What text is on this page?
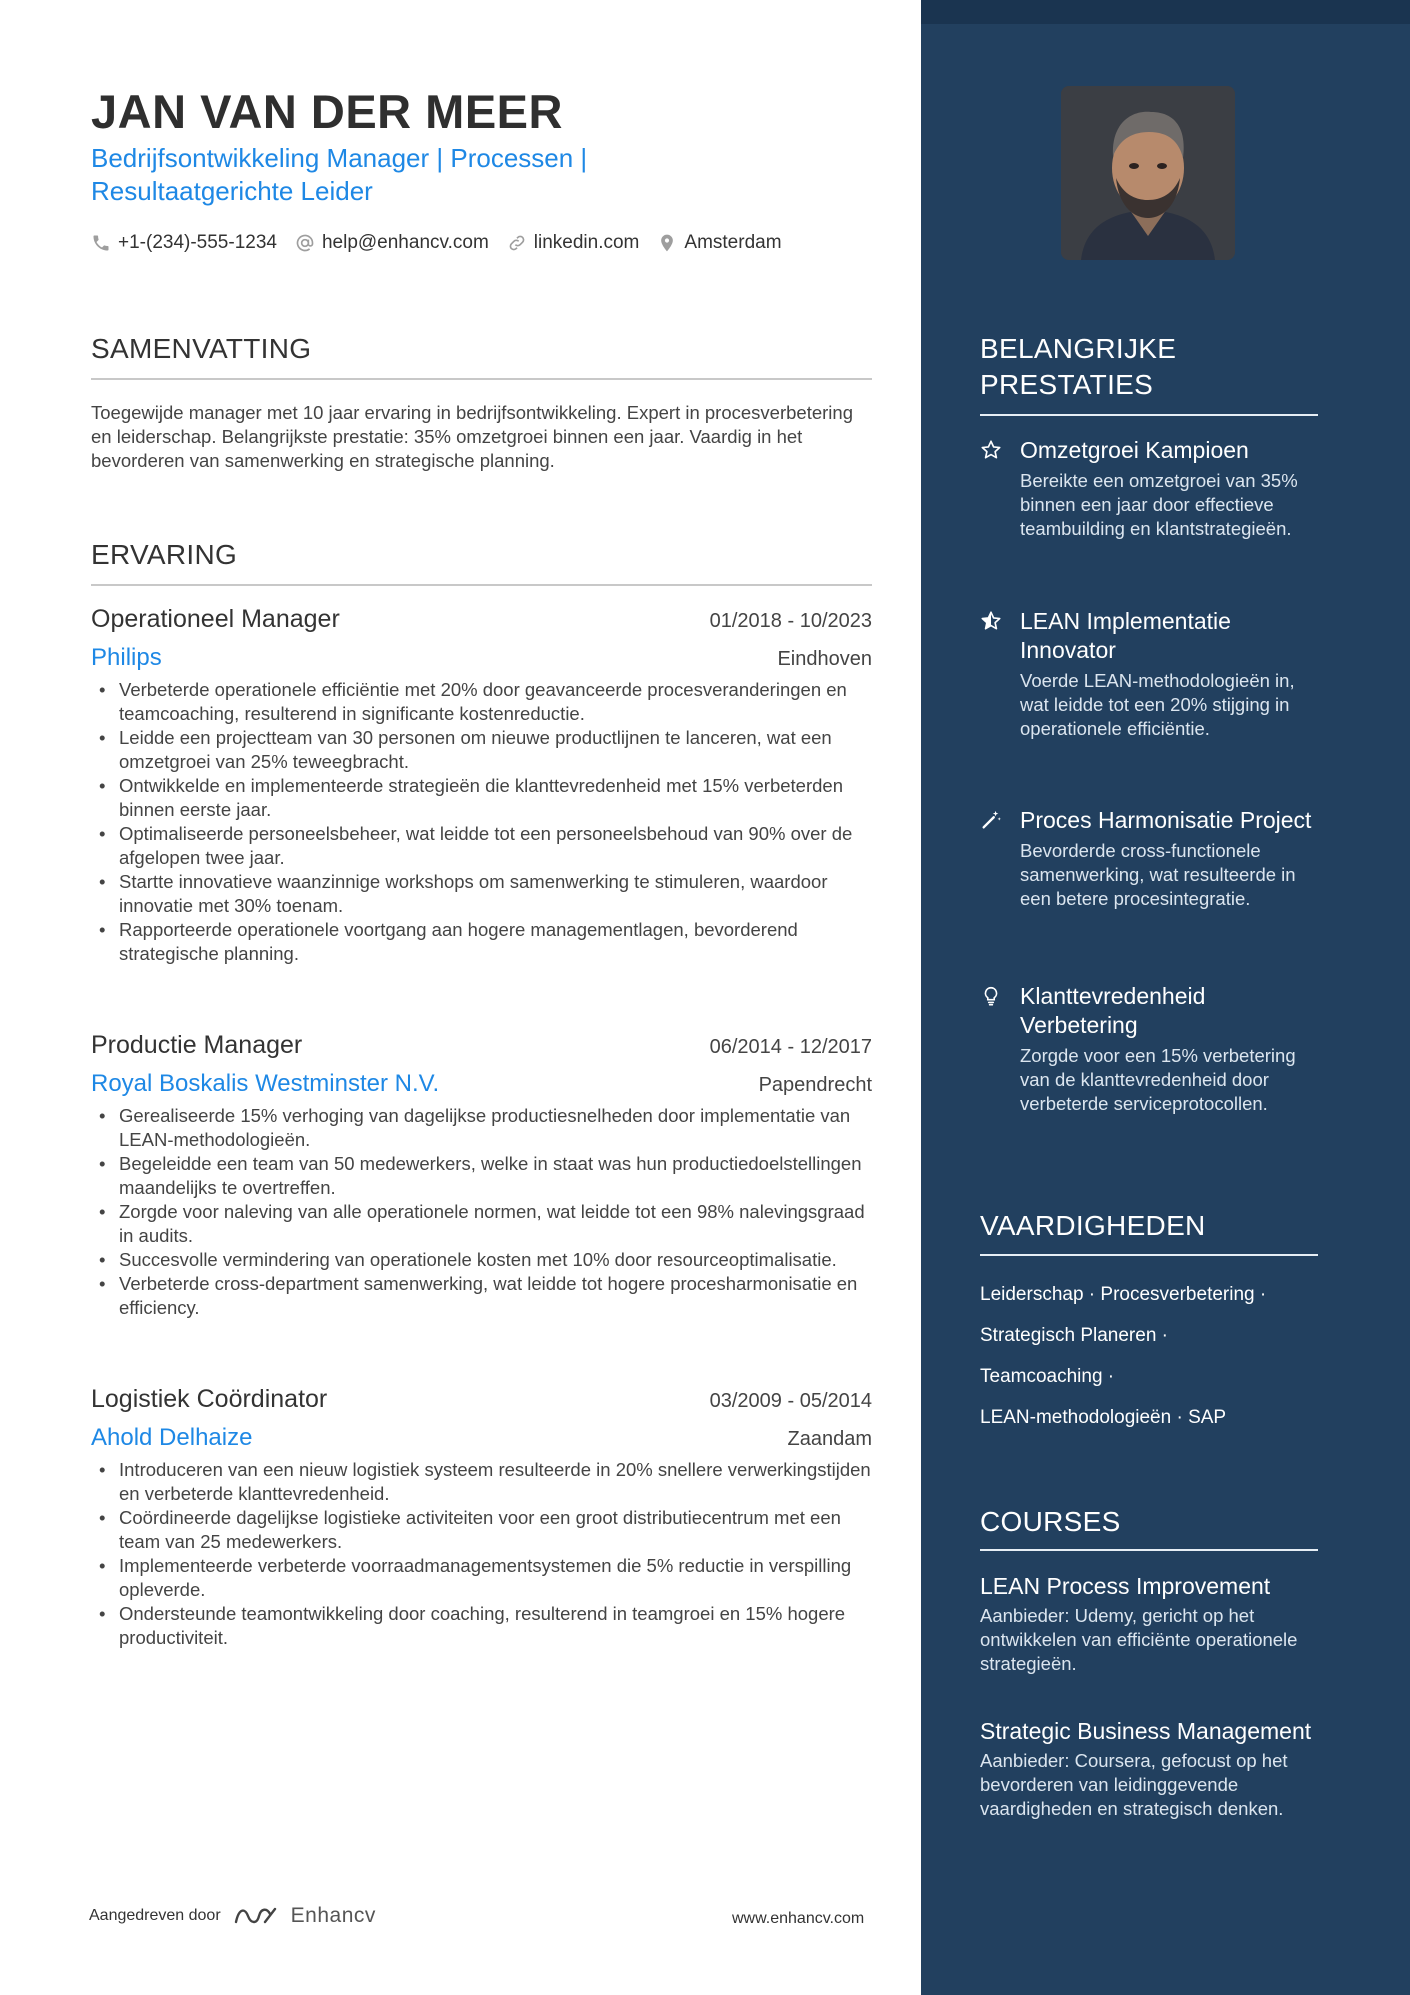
JAN VAN DER MEER
Bedrijfsontwikkeling Manager | Processen |
Resultaatgerichte Leider
+1-(234)-555-1234 help@enhancv.com linkedin.com Amsterdam
SAMENVATTING
Toegewijde manager met 10 jaar ervaring in bedrijfsontwikkeling. Expert in procesverbetering en leiderschap. Belangrijkste prestatie: 35% omzetgroei binnen een jaar. Vaardig in het bevorderen van samenwerking en strategische planning.
ERVARING
Operationeel Manager	01/2018 - 10/2023
Philips	Eindhoven
• Verbeterde operationele efficiëntie met 20% door geavanceerde procesveranderingen en teamcoaching, resulterend in significante kostenreductie.
• Leidde een projectteam van 30 personen om nieuwe productlijnen te lanceren, wat een omzetgroei van 25% teweegbracht.
• Ontwikkelde en implementeerde strategieën die klanttevredenheid met 15% verbeterden binnen eerste jaar.
• Optimaliseerde personeelsbeheer, wat leidde tot een personeelsbehoud van 90% over de afgelopen twee jaar.
• Startte innovatieve waanzinnige workshops om samenwerking te stimuleren, waardoor innovatie met 30% toenam.
• Rapporteerde operationele voortgang aan hogere managementlagen, bevorderend strategische planning.
Productie Manager	06/2014 - 12/2017
Royal Boskalis Westminster N.V.	Papendrecht
• Gerealiseerde 15% verhoging van dagelijkse productiesnelheden door implementatie van LEAN-methodologieën.
• Begeleidde een team van 50 medewerkers, welke in staat was hun productiedoelstellingen maandelijks te overtreffen.
• Zorgde voor naleving van alle operationele normen, wat leidde tot een 98% nalevingsgraad in audits.
• Succesvolle vermindering van operationele kosten met 10% door resourceoptimalisatie.
• Verbeterde cross-department samenwerking, wat leidde tot hogere procesharmonisatie en efficiency.
Logistiek Coördinator	03/2009 - 05/2014
Ahold Delhaize	Zaandam
• Introduceren van een nieuw logistiek systeem resulteerde in 20% snellere verwerkingstijden en verbeterde klanttevredenheid.
• Coördineerde dagelijkse logistieke activiteiten voor een groot distributiecentrum met een team van 25 medewerkers.
• Implementeerde verbeterde voorraadmanagementsystemen die 5% reductie in verspilling opleverde.
• Ondersteunde teamontwikkeling door coaching, resulterend in teamgroei en 15% hogere productiviteit.
Aangedreven door	Enhancv	www.enhancv.com
BELANGRIJKE
PRESTATIES
Omzetgroei Kampioen
Bereikte een omzetgroei van 35% binnen een jaar door effectieve teambuilding en klantstrategieën.
LEAN Implementatie Innovator
Voerde LEAN-methodologieën in, wat leidde tot een 20% stijging in operationele efficiëntie.
Proces Harmonisatie Project
Bevorderde cross-functionele samenwerking, wat resulteerde in een betere procesintegratie.
Klanttevredenheid Verbetering
Zorgde voor een 15% verbetering van de klanttevredenheid door verbeterde serviceprotocollen.
VAARDIGHEDEN
Leiderschap · Procesverbetering ·
Strategisch Planeren ·
Teamcoaching ·
LEAN-methodologieën · SAP
COURSES
LEAN Process Improvement
Aanbieder: Udemy, gericht op het ontwikkelen van efficiënte operationele strategieën.
Strategic Business Management
Aanbieder: Coursera, gefocust op het bevorderen van leidinggevende vaardigheden en strategisch denken.
